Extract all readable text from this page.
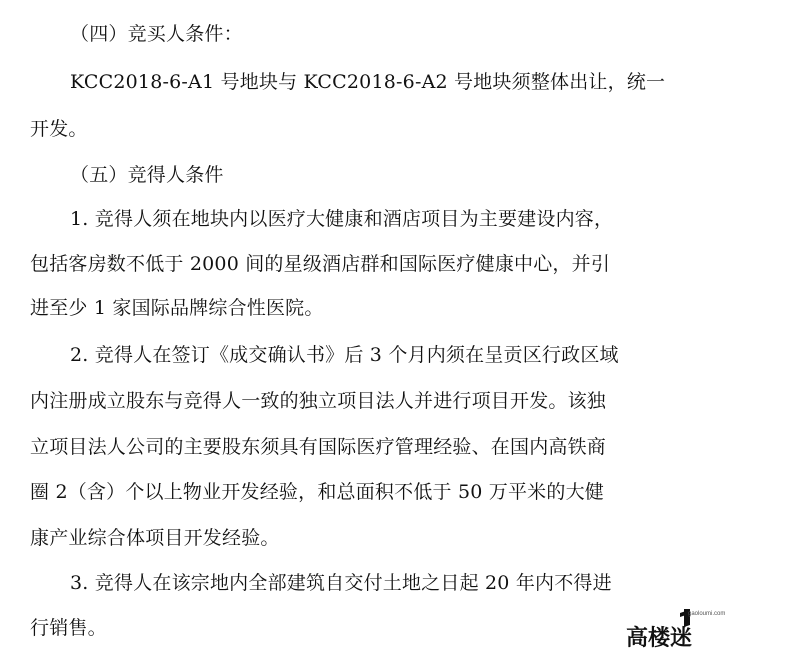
（四）竞买人条件：
KCC2018-6-A1 号地块与 KCC2018-6-A2 号地块须整体出让，统一
开发。
（五）竞得人条件
1. 竞得人须在地块内以医疗大健康和酒店项目为主要建设内容，
包括客房数不低于 2000 间的星级酒店群和国际医疗健康中心，并引
进至少 1 家国际品牌综合性医院。
2. 竞得人在签订《成交确认书》后 3 个月内须在呈贡区行政区域
内注册成立股东与竞得人一致的独立项目法人并进行项目开发。该独
立项目法人公司的主要股东须具有国际医疗管理经验、在国内高铁商
圈 2（含）个以上物业开发经验，和总面积不低于 50 万平米的大健
康产业综合体项目开发经验。
3. 竞得人在该宗地内全部建筑自交付土地之日起 20 年内不得进
行销售。
gaoloumi.com
高楼迷
